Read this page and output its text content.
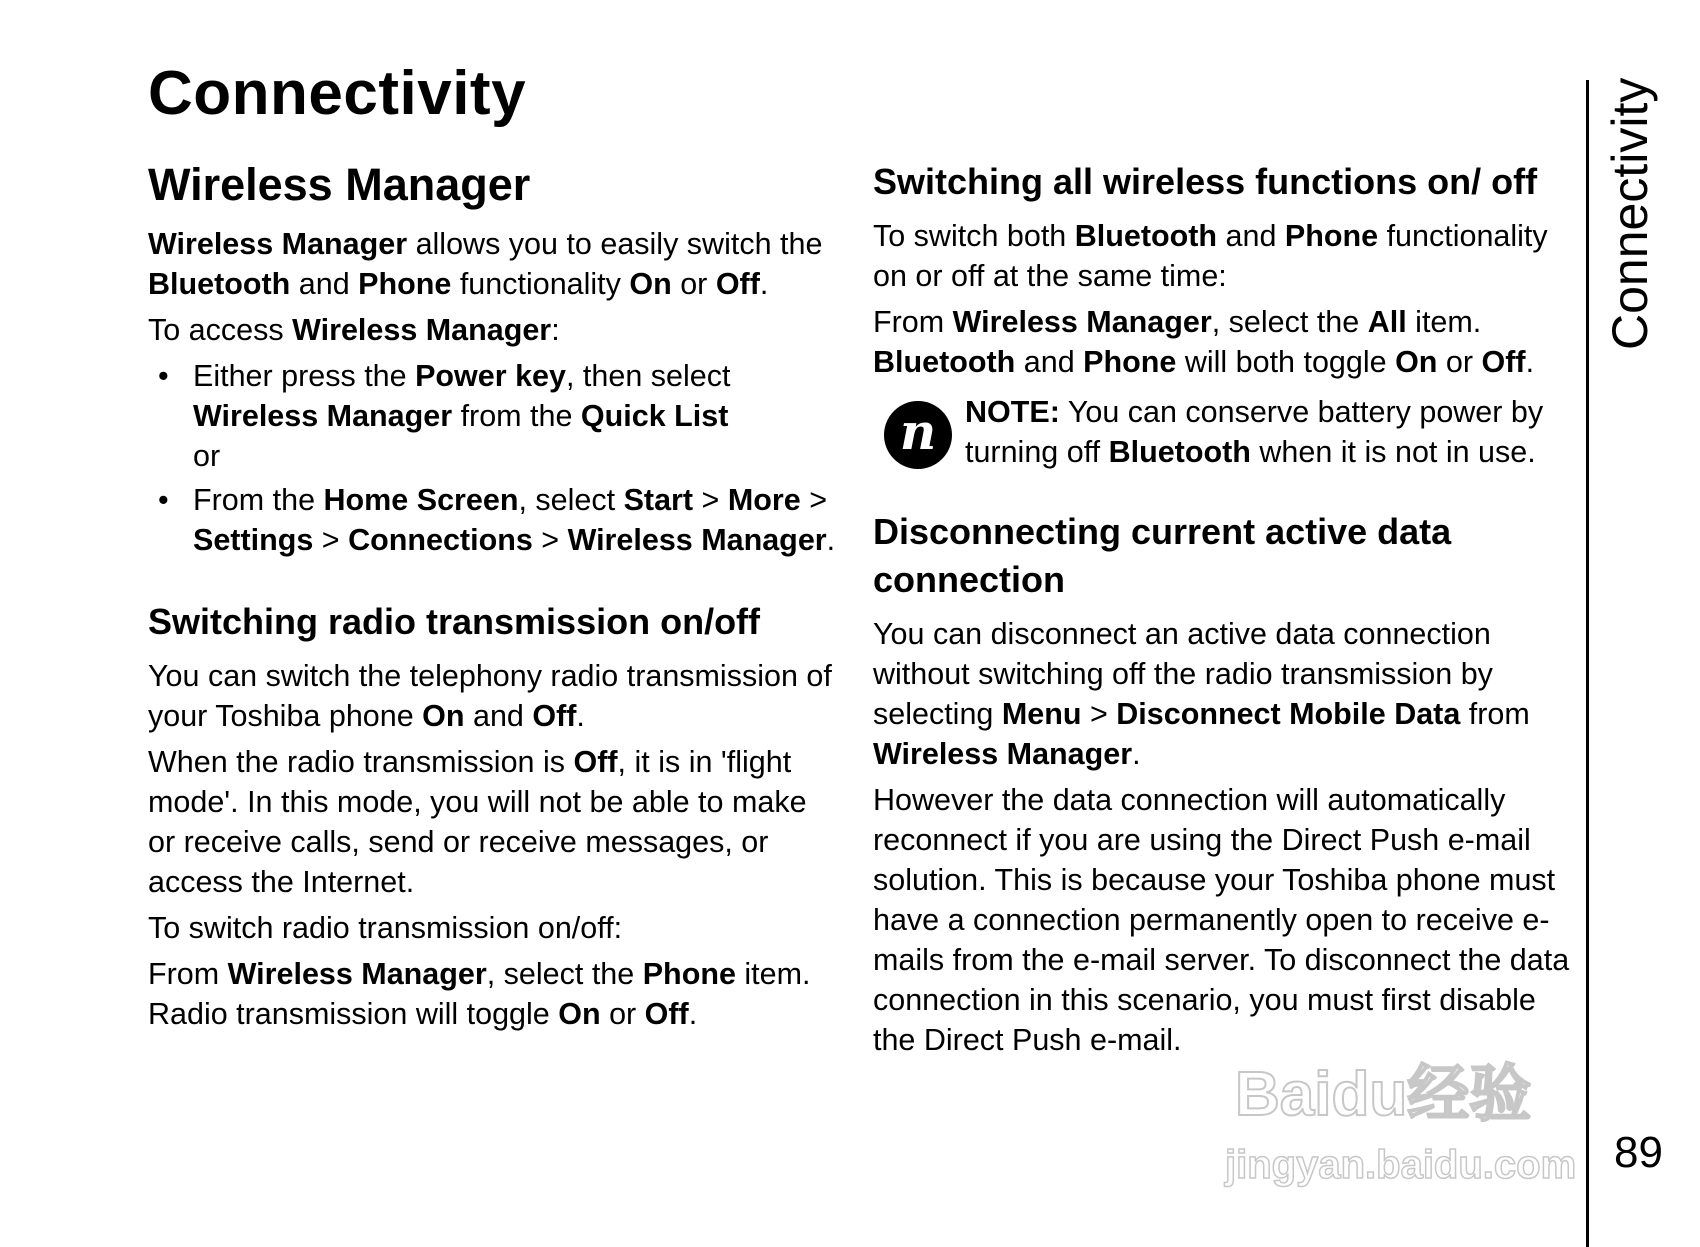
Connectivity
Wireless Manager

Wireless Manager allows you to easily switch the Bluetooth and Phone functionality On or Off.

To access Wireless Manager:

• Either press the Power key, then select Wireless Manager from the Quick List
or
• From the Home Screen, select Start > More > Settings > Connections > Wireless Manager.
Switching radio transmission on/off

You can switch the telephony radio transmission of your Toshiba phone On and Off.

When the radio transmission is Off, it is in 'flight mode'. In this mode, you will not be able to make or receive calls, send or receive messages, or access the Internet.

To switch radio transmission on/off:

From Wireless Manager, select the Phone item. Radio transmission will toggle On or Off.

Switching all wireless functions on/ off

To switch both Bluetooth and Phone functionality on or off at the same time:

From Wireless Manager, select the All item. Bluetooth and Phone will both toggle On or Off.

n NOTE: You can conserve battery power by turning off Bluetooth when it is not in use.

Disconnecting current active data connection

You can disconnect an active data connection without switching off the radio transmission by selecting Menu > Disconnect Mobile Data from Wireless Manager.

However the data connection will automatically reconnect if you are using the Direct Push e-mail solution. This is because your Toshiba phone must have a connection permanently open to receive e-mails from the e-mail server. To disconnect the data connection in this scenario, you must first disable the Direct Push e-mail.

Connectivity
89
Baidu经验
jingyan.baidu.com
